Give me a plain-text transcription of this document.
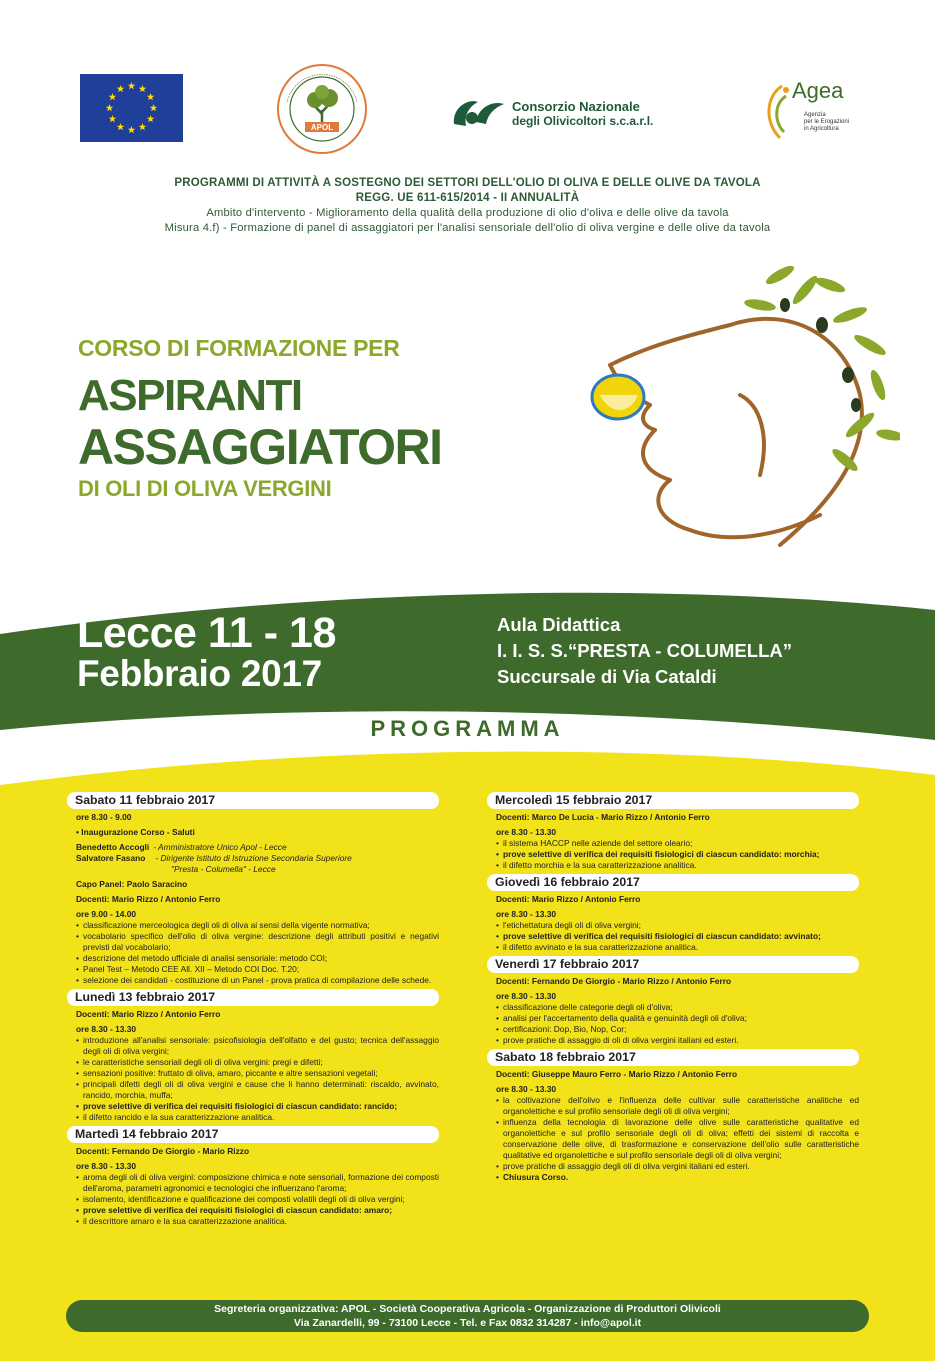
APOL
Consorzio Nazionale
degli Olivicoltori s.c.a.r.l.
Agea
Agenzia
per le Erogazioni
in Agricoltura
PROGRAMMI DI ATTIVITÀ A SOSTEGNO DEI SETTORI DELL'OLIO DI OLIVA E DELLE OLIVE DA TAVOLA
REGG. UE 611-615/2014 - II ANNUALITÀ
Ambito d'intervento - Miglioramento della qualità della produzione di olio d'oliva e delle olive da tavola
Misura 4.f) - Formazione di panel di assaggiatori per l'analisi sensoriale dell'olio di oliva vergine e delle olive da tavola
CORSO DI FORMAZIONE PER
ASPIRANTI
ASSAGGIATORI
DI OLI DI OLIVA VERGINI
Lecce 11 - 18
Febbraio 2017
Aula Didattica
I. I. S. S.“PRESTA - COLUMELLA”
Succursale di Via Cataldi
PROGRAMMA
Sabato 11 febbraio 2017
ore 8.30 - 9.00
• Inaugurazione Corso - Saluti
Benedetto Accogli - Amministratore Unico Apol - Lecce
Salvatore Fasano - Dirigente Istituto di Istruzione Secondaria Superiore
"Presta - Columella" - Lecce
Capo Panel: Paolo Saracino
Docenti: Mario Rizzo / Antonio Ferro
ore 9.00 - 14.00
• classificazione merceologica degli oli di oliva ai sensi della vigente normativa;
• vocabolario specifico dell'olio di oliva vergine: descrizione degli attributi positivi e negativi previsti dal vocabolario;
• descrizione del metodo ufficiale di analisi sensoriale: metodo COI;
• Panel Test – Metodo CEE All. XII – Metodo COI Doc. T.20;
• selezione dei candidati - costituzione di un Panel - prova pratica di compilazione delle schede.
Lunedì 13 febbraio 2017
Docenti: Mario Rizzo / Antonio Ferro
ore 8.30 - 13.30
• introduzione all'analisi sensoriale: psicofisiologia dell'olfatto e del gusto; tecnica dell'assaggio degli oli di oliva vergini;
• le caratteristiche sensoriali degli oli di oliva vergini: pregi e difetti;
• sensazioni positive: fruttato di oliva, amaro, piccante e altre sensazioni vegetali;
• principali difetti degli oli di oliva vergini e cause che li hanno determinati: riscaldo, avvinato, rancido, morchia, muffa;
• prove selettive di verifica dei requisiti fisiologici di ciascun candidato: rancido;
• il difetto rancido e la sua caratterizzazione analitica.
Martedì 14 febbraio 2017
Docenti: Fernando De Giorgio - Mario Rizzo
ore 8.30 - 13.30
• aroma degli oli di oliva vergini: composizione chimica e note sensoriali, formazione dei composti dell'aroma, parametri agronomici e tecnologici che influenzano l'aroma;
• isolamento, identificazione e qualificazione dei composti volatili degli oli di oliva vergini;
• prove selettive di verifica dei requisiti fisiologici di ciascun candidato: amaro;
• il descrittore amaro e la sua caratterizzazione analitica.
Mercoledì 15 febbraio 2017
Docenti: Marco De Lucia - Mario Rizzo / Antonio Ferro
ore 8.30 - 13.30
• il sistema HACCP nelle aziende del settore oleario;
• prove selettive di verifica dei requisiti fisiologici di ciascun candidato: morchia;
• il difetto morchia e la sua caratterizzazione analitica.
Giovedì 16 febbraio 2017
Docenti: Mario Rizzo / Antonio Ferro
ore 8.30 - 13.30
• l'etichettatura degli oli di oliva vergini;
• prove selettive di verifica dei requisiti fisiologici di ciascun candidato: avvinato;
• il difetto avvinato e la sua caratterizzazione analitica.
Venerdì 17 febbraio 2017
Docenti: Fernando De Giorgio - Mario Rizzo / Antonio Ferro
ore 8.30 - 13.30
• classificazione delle categorie degli oli d'oliva;
• analisi per l'accertamento della qualità e genuinità degli oli d'oliva;
• certificazioni: Dop, Bio, Nop, Cor;
• prove pratiche di assaggio di oli di oliva vergini italiani ed esteri.
Sabato 18 febbraio 2017
Docenti: Giuseppe Mauro Ferro - Mario Rizzo / Antonio Ferro
ore 8.30 - 13.30
• la coltivazione dell'olivo e l'influenza delle cultivar sulle caratteristiche analitiche ed organolettiche e sul profilo sensoriale degli oli di oliva vergini;
• influenza della tecnologia di lavorazione delle olive sulle caratteristiche qualitative ed organolettiche e sul profilo sensoriale degli oli di oliva; effetti dei sistemi di raccolta e conservazione delle olive, di trasformazione e conservazione dell'olio sulle caratteristiche qualitative ed organolettiche e sul profilo sensoriale degli oli di oliva vergini;
• prove pratiche di assaggio degli oli di oliva vergini italiani ed esteri.
• Chiusura Corso.
Segreteria organizzativa: APOL - Società Cooperativa Agricola - Organizzazione di Produttori Olivicoli
Via Zanardelli, 99 - 73100 Lecce - Tel. e Fax 0832 314287 - info@apol.it
